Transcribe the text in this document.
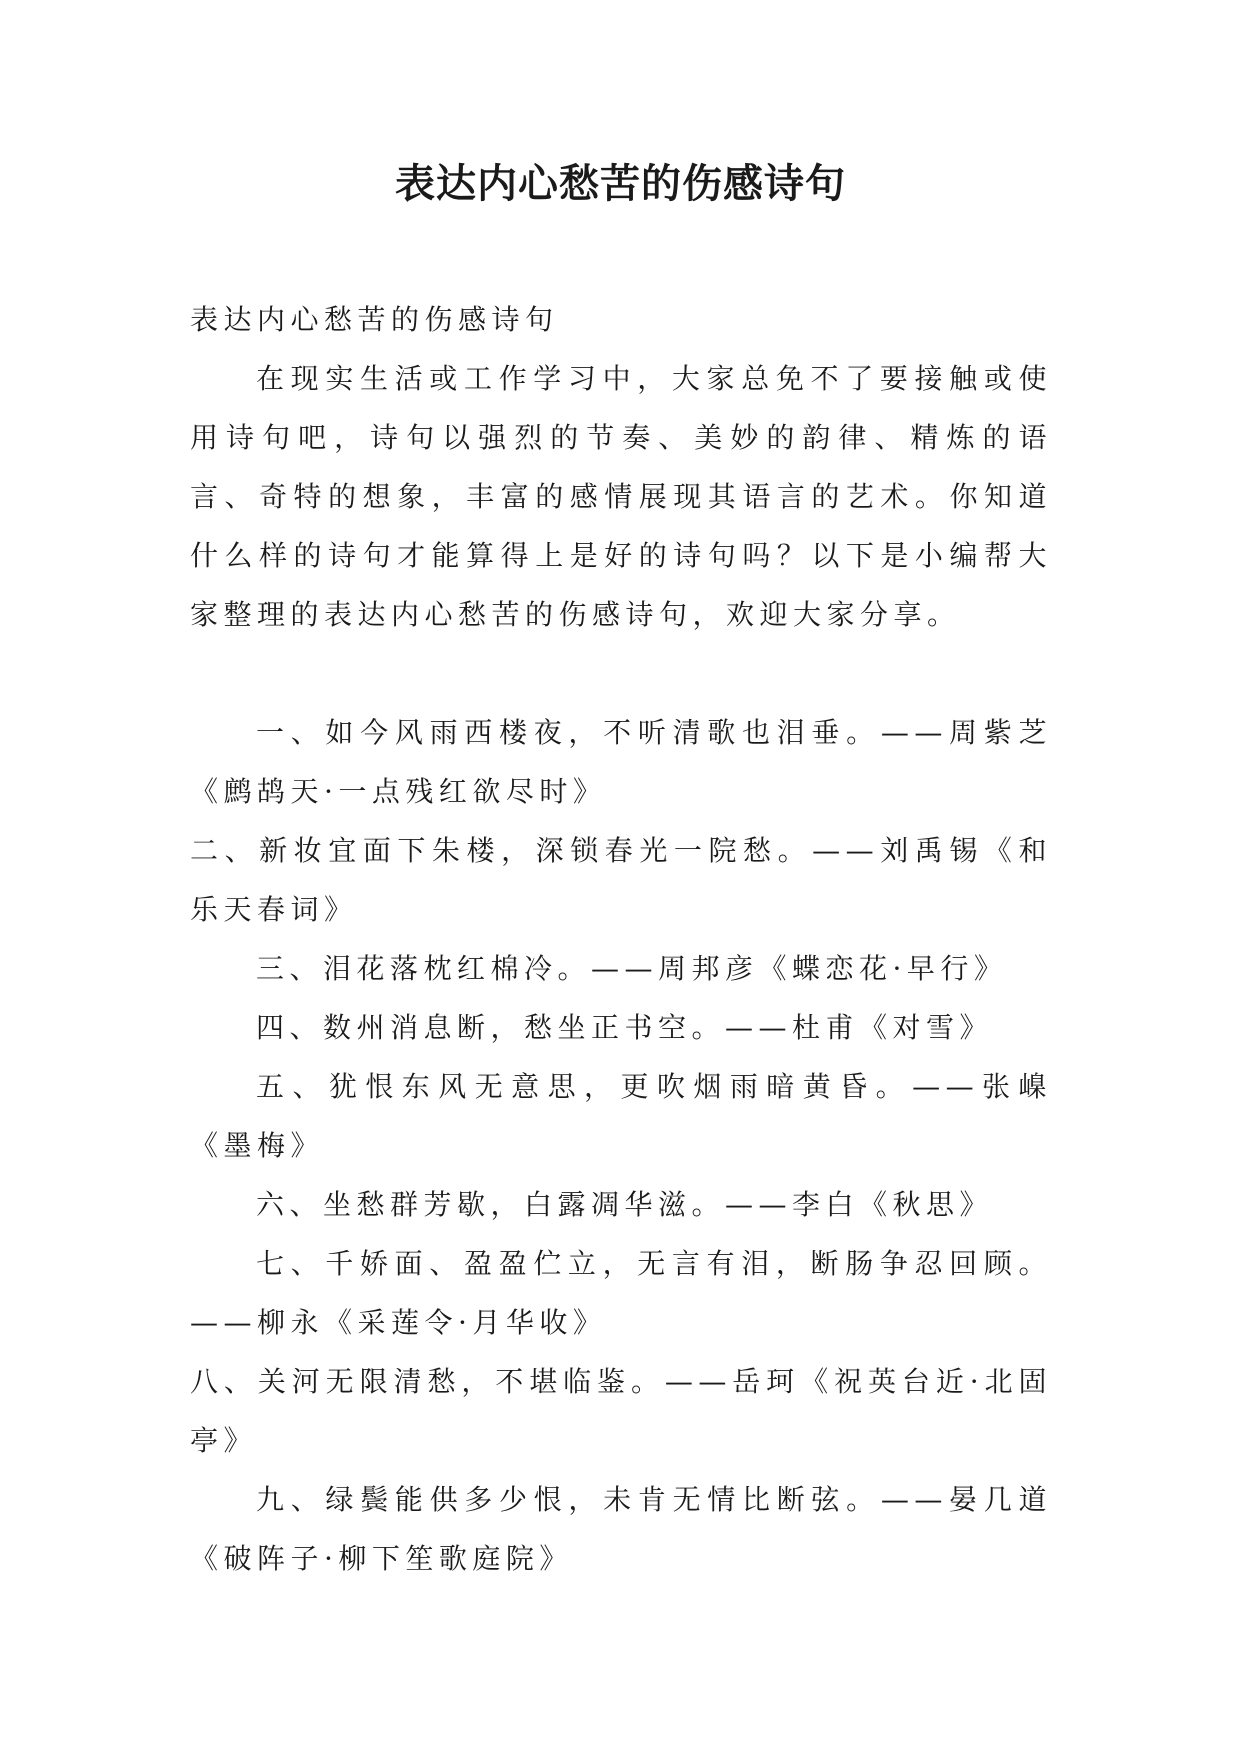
表达内心愁苦的伤感诗句

表达内心愁苦的伤感诗句

在现实生活或工作学习中，大家总免不了要接触或使用诗句吧，诗句以强烈的节奏、美妙的韵律、精炼的语言、奇特的想象，丰富的感情展现其语言的艺术。你知道什么样的诗句才能算得上是好的诗句吗？以下是小编帮大家整理的表达内心愁苦的伤感诗句，欢迎大家分享。

一、如今风雨西楼夜，不听清歌也泪垂。——周紫芝《鹧鸪天·一点残红欲尽时》

二、新妆宜面下朱楼，深锁春光一院愁。——刘禹锡《和乐天春词》

三、泪花落枕红棉冷。——周邦彦《蝶恋花·早行》

四、数州消息断，愁坐正书空。——杜甫《对雪》

五、犹恨东风无意思，更吹烟雨暗黄昏。——张嵲《墨梅》

六、坐愁群芳歇，白露凋华滋。——李白《秋思》

七、千娇面、盈盈伫立，无言有泪，断肠争忍回顾。——柳永《采莲令·月华收》

八、关河无限清愁，不堪临鉴。——岳珂《祝英台近·北固亭》

九、绿鬓能供多少恨，未肯无情比断弦。——晏几道《破阵子·柳下笙歌庭院》
